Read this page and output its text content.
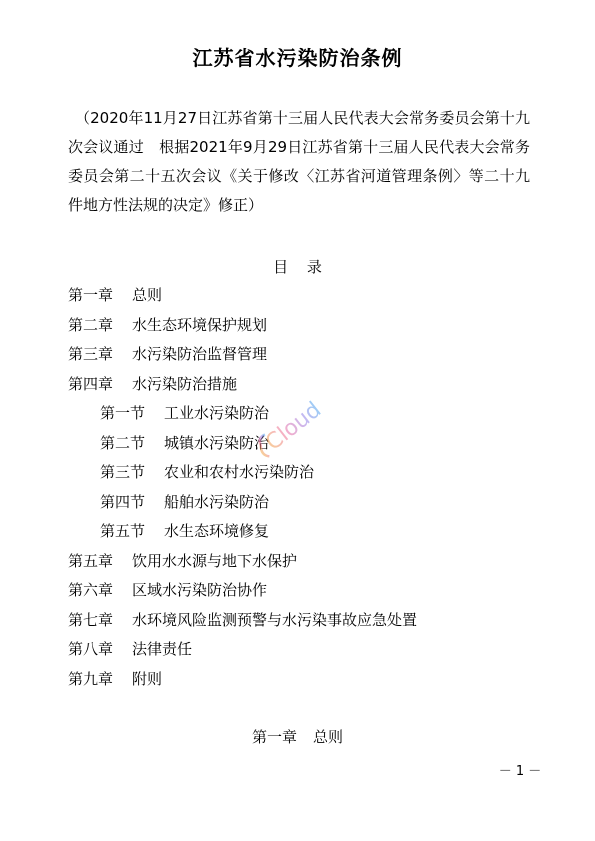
江苏省水污染防治条例
（2020年11月27日江苏省第十三届人民代表大会常务委员会第十九次会议通过　根据2021年9月29日江苏省第十三届人民代表大会常务委员会第二十五次会议《关于修改〈江苏省河道管理条例〉等二十九件地方性法规的决定》修正）
目 录
第一章 总则
第二章 水生态环境保护规划
第三章 水污染防治监督管理
第四章 水污染防治措施
第一节 工业水污染防治
第二节 城镇水污染防治
第三节 农业和农村水污染防治
第四节 船舶水污染防治
第五节 水生态环境修复
第五章 饮用水水源与地下水保护
第六章 区域水污染防治协作
第七章 水环境风险监测预警与水污染事故应急处置
第八章 法律责任
第九章 附则
第一章 总则
－ 1 －
Cloud
